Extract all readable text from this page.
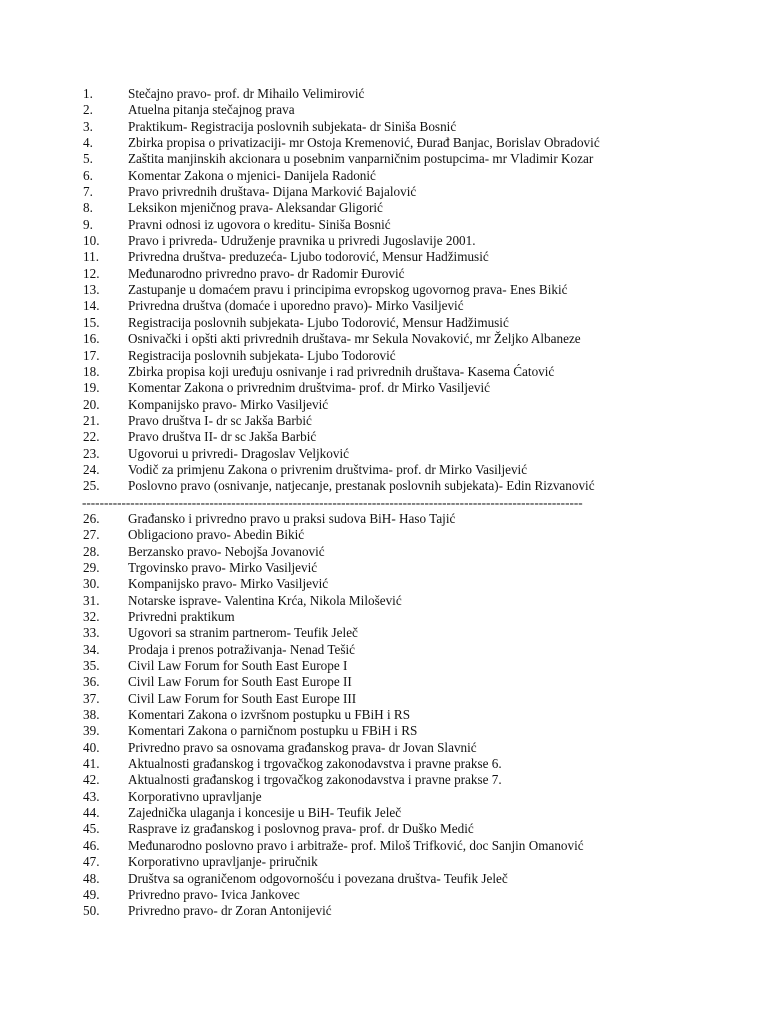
1.	Stečajno pravo- prof. dr Mihailo Velimirović
2.	Atuelna pitanja stečajnog prava
3.	Praktikum- Registracija poslovnih subjekata- dr Siniša Bosnić
4.	Zbirka propisa o privatizaciji- mr Ostoja Kremenović, Đurađ Banjac, Borislav Obradović
5.	Zaštita manjinskih akcionara u posebnim vanparničnim postupcima- mr Vladimir Kozar
6.	Komentar Zakona o mjenici- Danijela Radonić
7.	Pravo privrednih društava- Dijana Marković Bajalović
8.	Leksikon mjeničnog prava- Aleksandar Gligorić
9.	Pravni odnosi iz ugovora o kreditu- Siniša Bosnić
10.	Pravo i privreda- Udruženje pravnika u privredi Jugoslavije 2001.
11.	Privredna društva- preduzeća- Ljubo todorović, Mensur Hadžimusić
12.	Međunarodno privredno pravo- dr Radomir Đurović
13.	Zastupanje u domaćem pravu i principima evropskog ugovornog prava- Enes Bikić
14.	Privredna društva (domaće i uporedno pravo)- Mirko Vasiljević
15.	Registracija poslovnih subjekata- Ljubo Todorović, Mensur Hadžimusić
16.	Osnivački i opšti akti privrednih društava- mr Sekula Novaković, mr Željko Albaneze
17.	Registracija poslovnih subjekata- Ljubo Todorović
18.	Zbirka propisa koji uređuju osnivanje i rad privrednih društava- Kasema Ćatović
19.	Komentar Zakona o privrednim društvima- prof. dr Mirko Vasiljević
20.	Kompanijsko pravo- Mirko Vasiljević
21.	Pravo društva I- dr sc Jakša Barbić
22.	Pravo društva II- dr sc Jakša Barbić
23.	Ugovorui u privredi- Dragoslav Veljković
24.	Vodič za primjenu Zakona o privrenim društvima- prof. dr Mirko Vasiljević
25.	Poslovno pravo (osnivanje, natjecanje, prestanak poslovnih subjekata)- Edin Rizvanović
------------------------------------------------------------------------------------------------------------------
26.	Građansko i privredno pravo u praksi sudova BiH- Haso Tajić
27.	Obligaciono pravo- Abedin Bikić
28.	Berzansko pravo- Nebojša Jovanović
29.	Trgovinsko pravo- Mirko Vasiljević
30.	Kompanijsko pravo- Mirko Vasiljević
31.	Notarske isprave- Valentina Krća, Nikola Milošević
32.	Privredni praktikum
33.	Ugovori sa stranim partnerom- Teufik Jeleč
34.	Prodaja i prenos potraživanja- Nenad Tešić
35.	Civil Law Forum for South East Europe I
36.	Civil Law Forum for South East Europe II
37.	Civil Law Forum for South East Europe III
38.	Komentari Zakona o izvršnom postupku u FBiH i RS
39.	Komentari Zakona o parničnom postupku u FBiH i RS
40.	Privredno pravo sa osnovama građanskog prava- dr Jovan Slavnić
41.	Aktualnosti građanskog i trgovačkog zakonodavstva i pravne prakse 6.
42.	Aktualnosti građanskog i trgovačkog zakonodavstva i pravne prakse 7.
43.	Korporativno upravljanje
44.	Zajednička ulaganja i koncesije u BiH- Teufik Jeleč
45.	Rasprave iz građanskog i poslovnog prava- prof. dr Duško Medić
46.	Međunarodno poslovno pravo i arbitraže- prof. Miloš Trifković, doc Sanjin Omanović
47.	Korporativno upravljanje- priručnik
48.	Društva sa ograničenom odgovornošću i povezana društva- Teufik Jeleč
49.	Privredno pravo- Ivica Jankovec
50.	Privredno pravo- dr Zoran Antonijević
